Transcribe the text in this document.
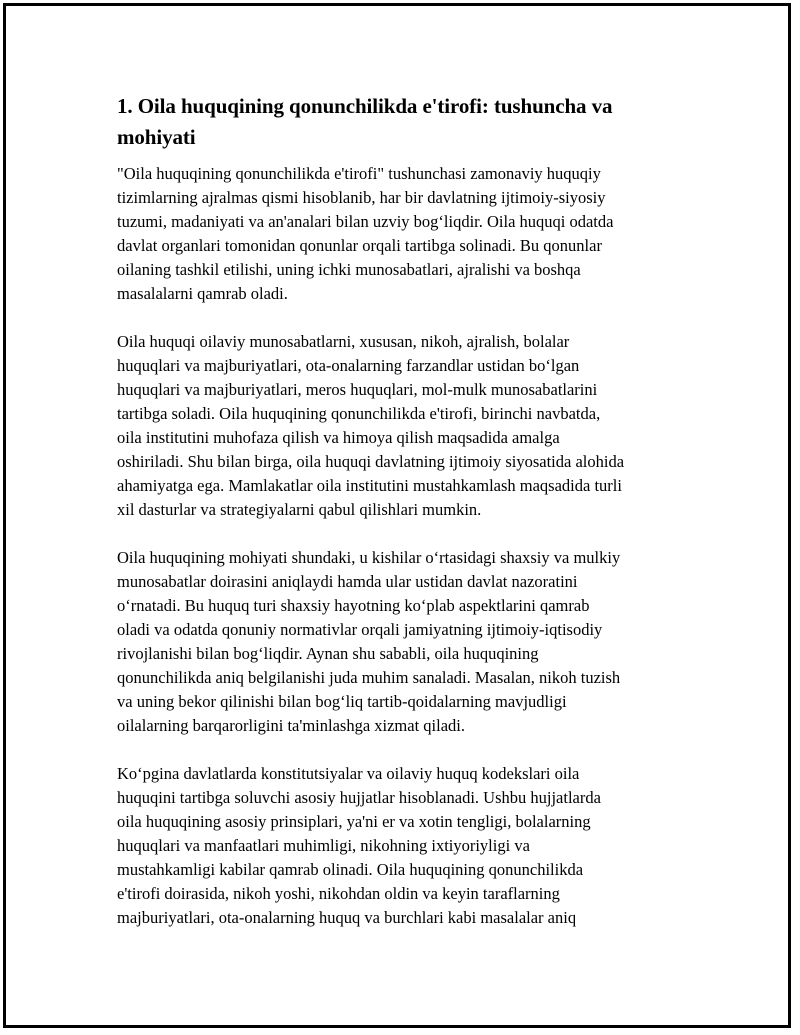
1. Oila huquqining qonunchilikda e'tirofi: tushuncha va
mohiyati

"Oila huquqining qonunchilikda e'tirofi" tushunchasi zamonaviy huquqiy
tizimlarning ajralmas qismi hisoblanib, har bir davlatning ijtimoiy-siyosiy
tuzumi, madaniyati va an'analari bilan uzviy bog‘liqdir. Oila huquqi odatda
davlat organlari tomonidan qonunlar orqali tartibga solinadi. Bu qonunlar
oilaning tashkil etilishi, uning ichki munosabatlari, ajralishi va boshqa
masalalarni qamrab oladi.

Oila huquqi oilaviy munosabatlarni, xususan, nikoh, ajralish, bolalar
huquqlari va majburiyatlari, ota-onalarning farzandlar ustidan bo‘lgan
huquqlari va majburiyatlari, meros huquqlari, mol-mulk munosabatlarini
tartibga soladi. Oila huquqining qonunchilikda e'tirofi, birinchi navbatda,
oila institutini muhofaza qilish va himoya qilish maqsadida amalga
oshiriladi. Shu bilan birga, oila huquqi davlatning ijtimoiy siyosatida alohida
ahamiyatga ega. Mamlakatlar oila institutini mustahkamlash maqsadida turli
xil dasturlar va strategiyalarni qabul qilishlari mumkin.

Oila huquqining mohiyati shundaki, u kishilar o‘rtasidagi shaxsiy va mulkiy
munosabatlar doirasini aniqlaydi hamda ular ustidan davlat nazoratini
o‘rnatadi. Bu huquq turi shaxsiy hayotning ko‘plab aspektlarini qamrab
oladi va odatda qonuniy normativlar orqali jamiyatning ijtimoiy-iqtisodiy
rivojlanishi bilan bog‘liqdir. Aynan shu sababli, oila huquqining
qonunchilikda aniq belgilanishi juda muhim sanaladi. Masalan, nikoh tuzish
va uning bekor qilinishi bilan bog‘liq tartib-qoidalarning mavjudligi
oilalarning barqarorligini ta'minlashga xizmat qiladi.

Ko‘pgina davlatlarda konstitutsiyalar va oilaviy huquq kodekslari oila
huquqini tartibga soluvchi asosiy hujjatlar hisoblanadi. Ushbu hujjatlarda
oila huquqining asosiy prinsiplari, ya'ni er va xotin tengligi, bolalarning
huquqlari va manfaatlari muhimligi, nikohning ixtiyoriyligi va
mustahkamligi kabilar qamrab olinadi. Oila huquqining qonunchilikda
e'tirofi doirasida, nikoh yoshi, nikohdan oldin va keyin taraflarning
majburiyatlari, ota-onalarning huquq va burchlari kabi masalalar aniq
